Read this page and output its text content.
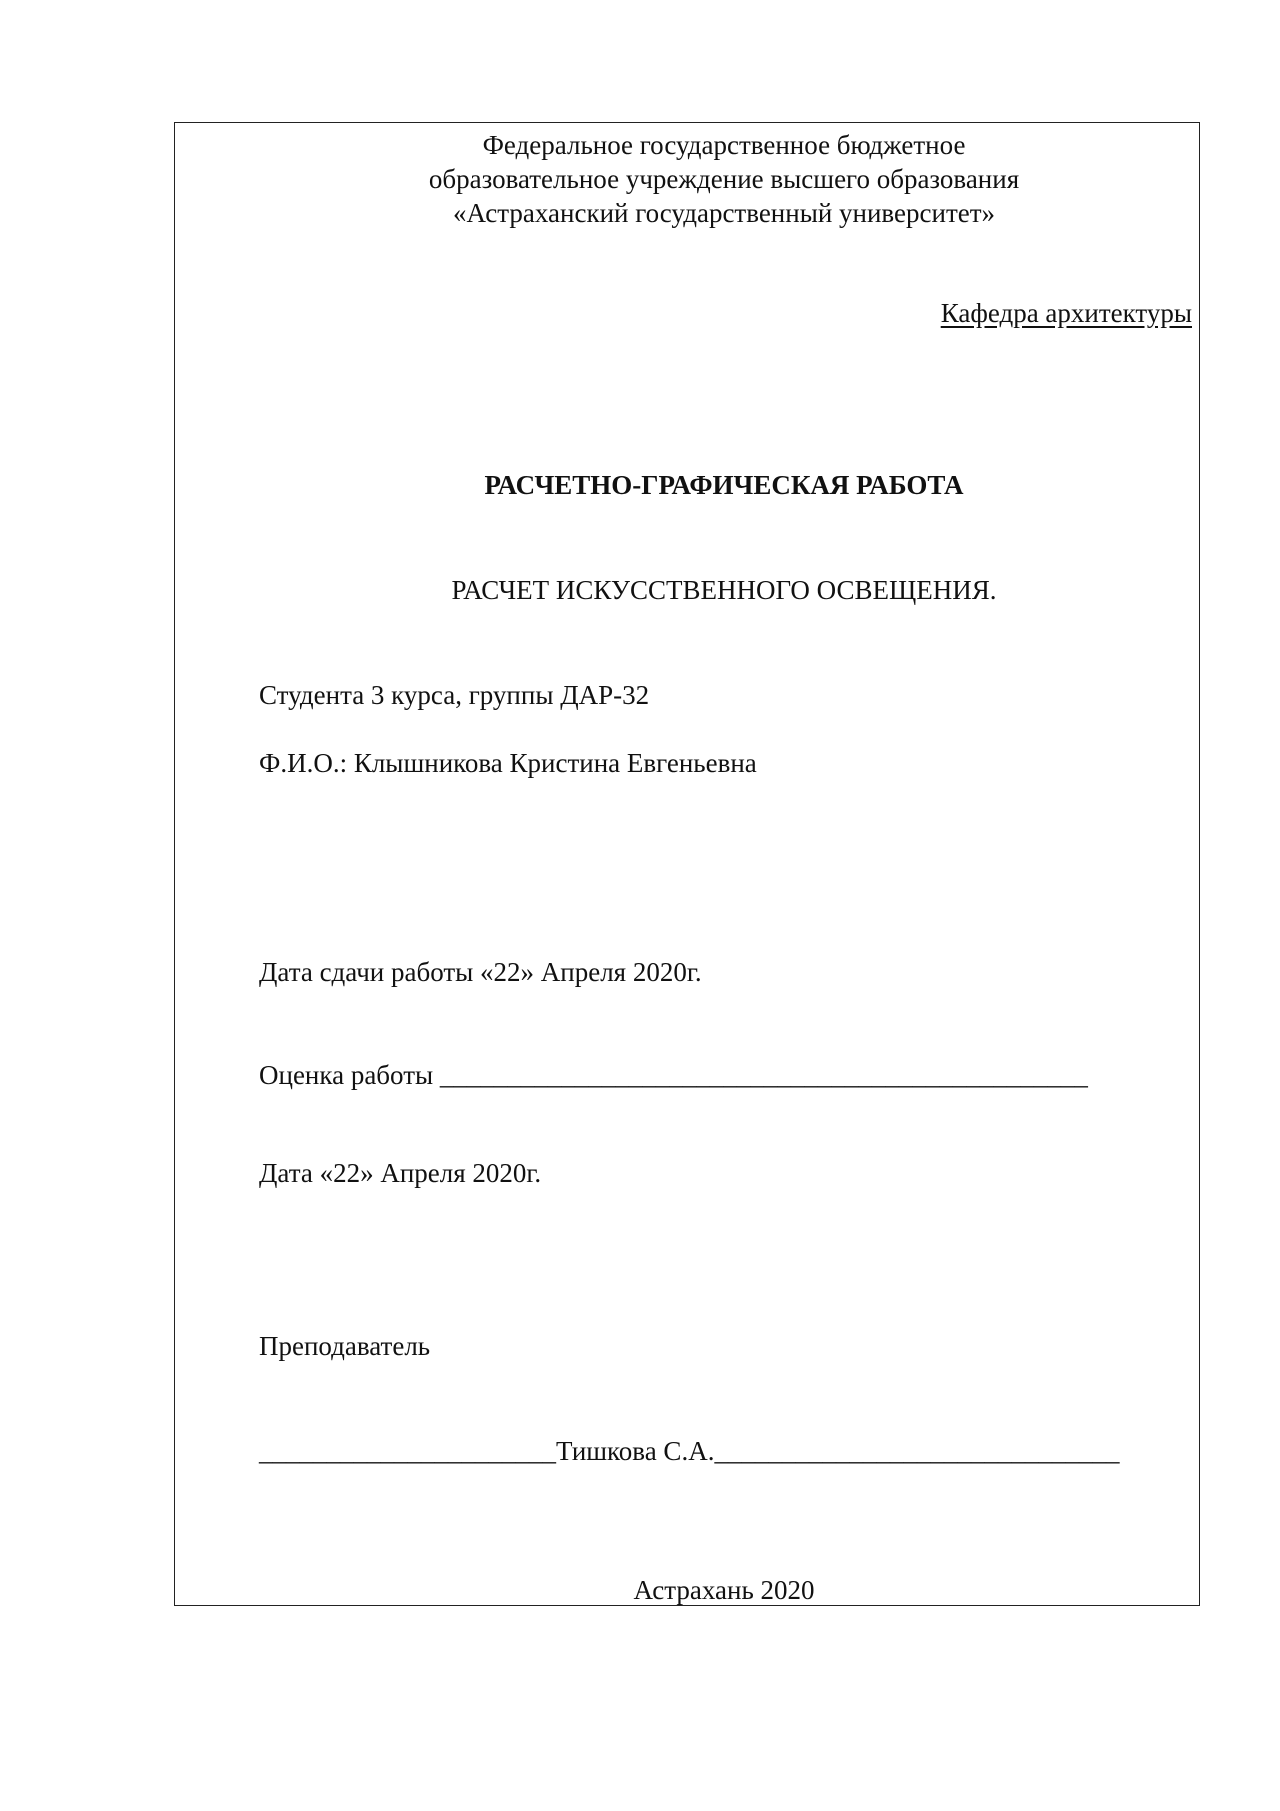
Федеральное государственное бюджетное
образовательное учреждение высшего образования
«Астраханский государственный университет»
Кафедра архитектуры
РАСЧЕТНО-ГРАФИЧЕСКАЯ РАБОТА
РАСЧЕТ ИСКУССТВЕННОГО ОСВЕЩЕНИЯ.
Студента 3 курса, группы ДАР-32
Ф.И.О.: Клышникова Кристина Евгеньевна
Дата сдачи работы «22» Апреля 2020г.
Оценка работы ________________________________________________
Дата «22» Апреля 2020г.
Преподаватель
______________________Тишкова С.А.______________________________
Астрахань 2020
